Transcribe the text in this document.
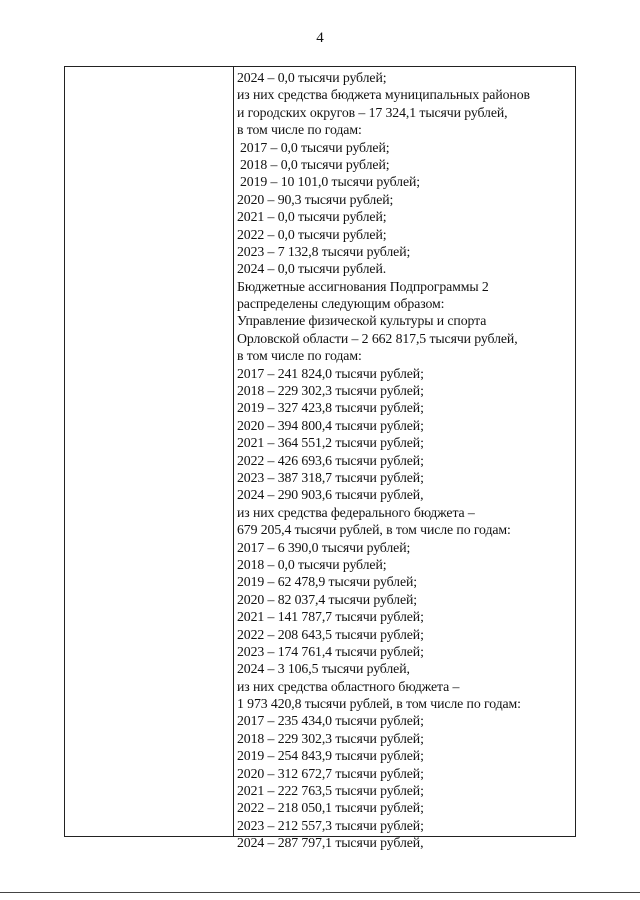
4
2024 – 0,0 тысячи рублей;
из них средства бюджета муниципальных районов
и городских округов – 17 324,1 тысячи рублей,
в том числе по годам:
2017 – 0,0 тысячи рублей;
2018 – 0,0 тысячи рублей;
2019 – 10 101,0 тысячи рублей;
2020 – 90,3 тысячи рублей;
2021 – 0,0 тысячи рублей;
2022 – 0,0 тысячи рублей;
2023 – 7 132,8 тысячи рублей;
2024 – 0,0 тысячи рублей.
Бюджетные ассигнования Подпрограммы 2
распределены следующим образом:
Управление физической культуры и спорта
Орловской области – 2 662 817,5 тысячи рублей,
в том числе по годам:
2017 – 241 824,0 тысячи рублей;
2018 – 229 302,3 тысячи рублей;
2019 – 327 423,8 тысячи рублей;
2020 – 394 800,4 тысячи рублей;
2021 – 364 551,2 тысячи рублей;
2022 – 426 693,6 тысячи рублей;
2023 – 387 318,7 тысячи рублей;
2024 – 290 903,6 тысячи рублей,
из них средства федерального бюджета –
679 205,4 тысячи рублей, в том числе по годам:
2017 – 6 390,0 тысячи рублей;
2018 – 0,0 тысячи рублей;
2019 – 62 478,9 тысячи рублей;
2020 – 82 037,4 тысячи рублей;
2021 – 141 787,7 тысячи рублей;
2022 – 208 643,5 тысячи рублей;
2023 – 174 761,4 тысячи рублей;
2024 – 3 106,5 тысячи рублей,
из них средства областного бюджета –
1 973 420,8 тысячи рублей, в том числе по годам:
2017 – 235 434,0 тысячи рублей;
2018 – 229 302,3 тысячи рублей;
2019 – 254 843,9 тысячи рублей;
2020 – 312 672,7 тысячи рублей;
2021 – 222 763,5 тысячи рублей;
2022 – 218 050,1 тысячи рублей;
2023 – 212 557,3 тысячи рублей;
2024 – 287 797,1 тысячи рублей,
